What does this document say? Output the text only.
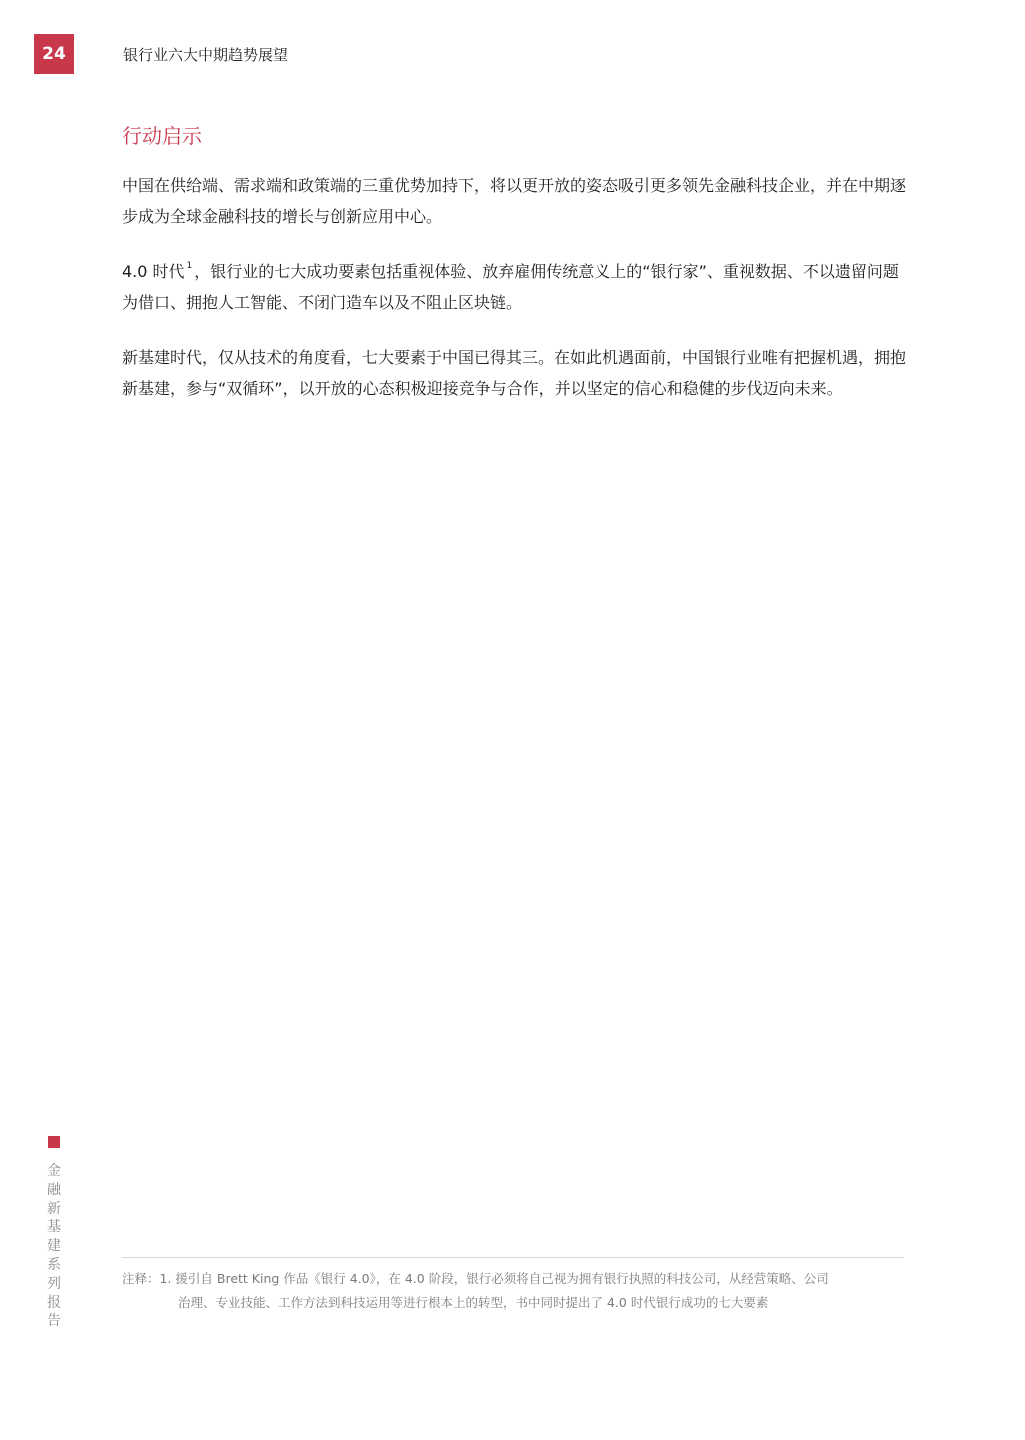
24	银行业六大中期趋势展望
行动启示

中国在供给端、需求端和政策端的三重优势加持下，将以更开放的姿态吸引更多领先金融科技企业，并在中期逐步成为全球金融科技的增长与创新应用中心。

4.0 时代 $^1$ ，银行业的七大成功要素包括重视体验、放弃雇佣传统意义上的“银行家”、重视数据、不以遗留问题为借口、拥抱人工智能、不闭门造车以及不阻止区块链。

新基建时代，仅从技术的角度看，七大要素于中国已得其三。在如此机遇面前，中国银行业唯有把握机遇，拥抱新基建，参与“双循环”，以开放的心态积极迎接竞争与合作，并以坚定的信心和稳健的步伐迈向未来。

金
融
新
基
建
系
列
报
告
注释：1. 援引自 Brett King 作品《银行 4.0》，在 4.0 阶段，银行必须将自己视为拥有银行执照的科技公司，从经营策略、公司
治理、专业技能、工作方法到科技运用等进行根本上的转型，书中同时提出了 4.0 时代银行成功的七大要素
